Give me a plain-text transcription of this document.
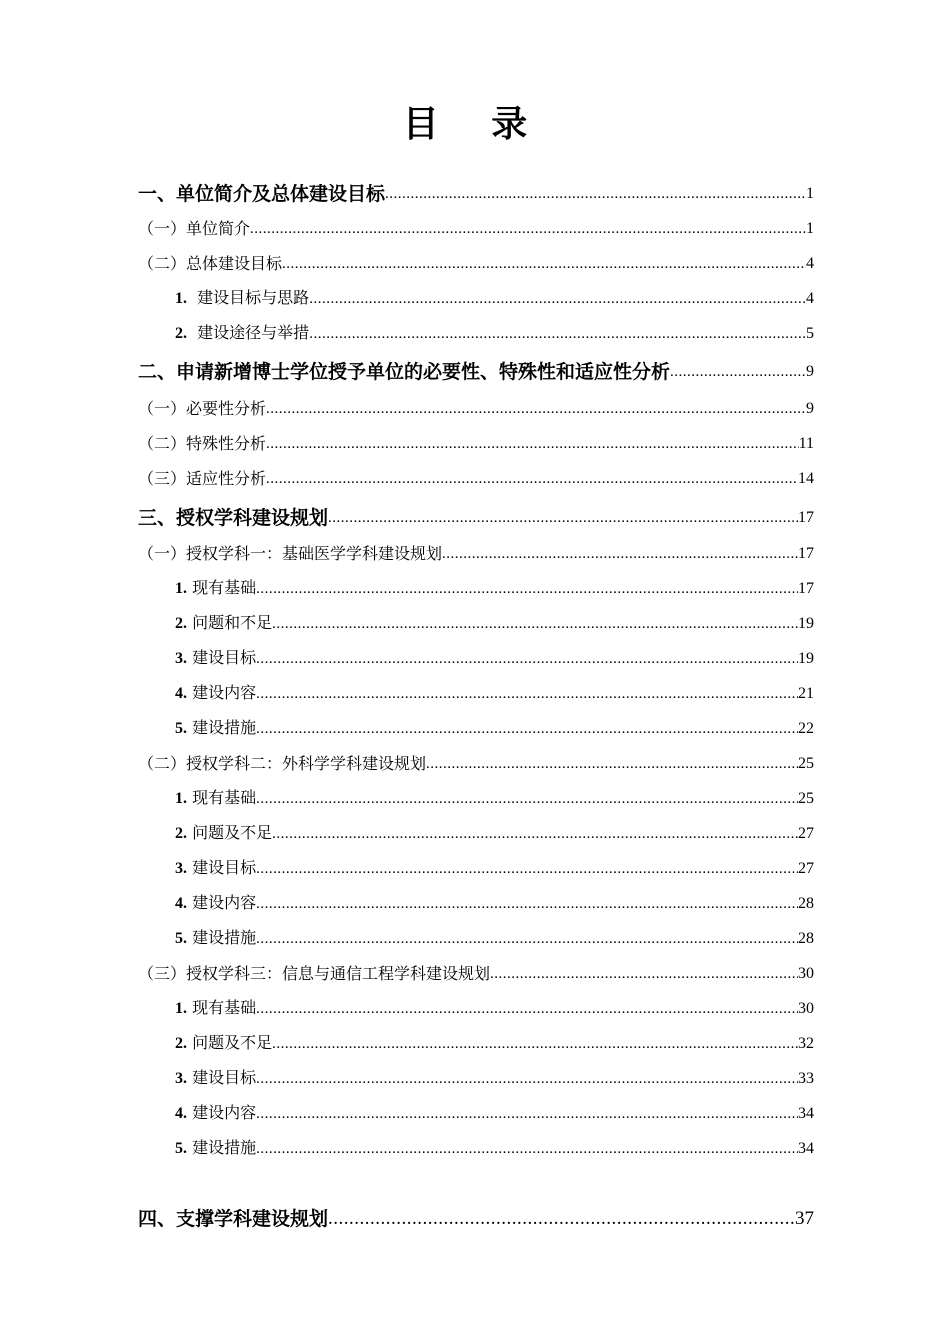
目 录
一、单位简介及总体建设目标 .....	1
（一）单位简介 .....	1
（二）总体建设目标 .....	4
1. 建设目标与思路 .....	4
2. 建设途径与举措 .....	5
二、申请新增博士学位授予单位的必要性、特殊性和适应性分析 .....	9
（一）必要性分析 .....	9
（二）特殊性分析 .....	11
（三）适应性分析 .....	14
三、授权学科建设规划 .....	17
（一）授权学科一：基础医学学科建设规划 .....	17
1. 现有基础 .....	17
2. 问题和不足 .....	19
3. 建设目标 .....	19
4. 建设内容 .....	21
5. 建设措施 .....	22
（二）授权学科二：外科学学科建设规划 .....	25
1. 现有基础 .....	25
2. 问题及不足 .....	27
3. 建设目标 .....	27
4. 建设内容 .....	28
5. 建设措施 .....	28
（三）授权学科三：信息与通信工程学科建设规划 .....	30
1. 现有基础 .....	30
2. 问题及不足 .....	32
3. 建设目标 .....	33
4. 建设内容 .....	34
5. 建设措施 .....	34
四、支撑学科建设规划 .....	37
